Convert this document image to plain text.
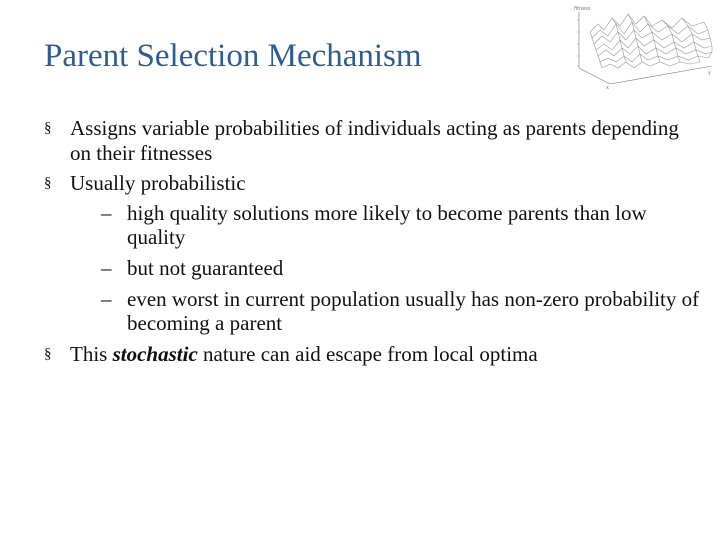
Parent Selection Mechanism
fitness
x
y
§ Assigns variable probabilities of individuals acting as parents depending on their fitnesses
§ Usually probabilistic
– high quality solutions more likely to become parents than low quality
– but not guaranteed
– even worst in current population usually has non-zero probability of becoming a parent
§ This stochastic nature can aid escape from local optima
